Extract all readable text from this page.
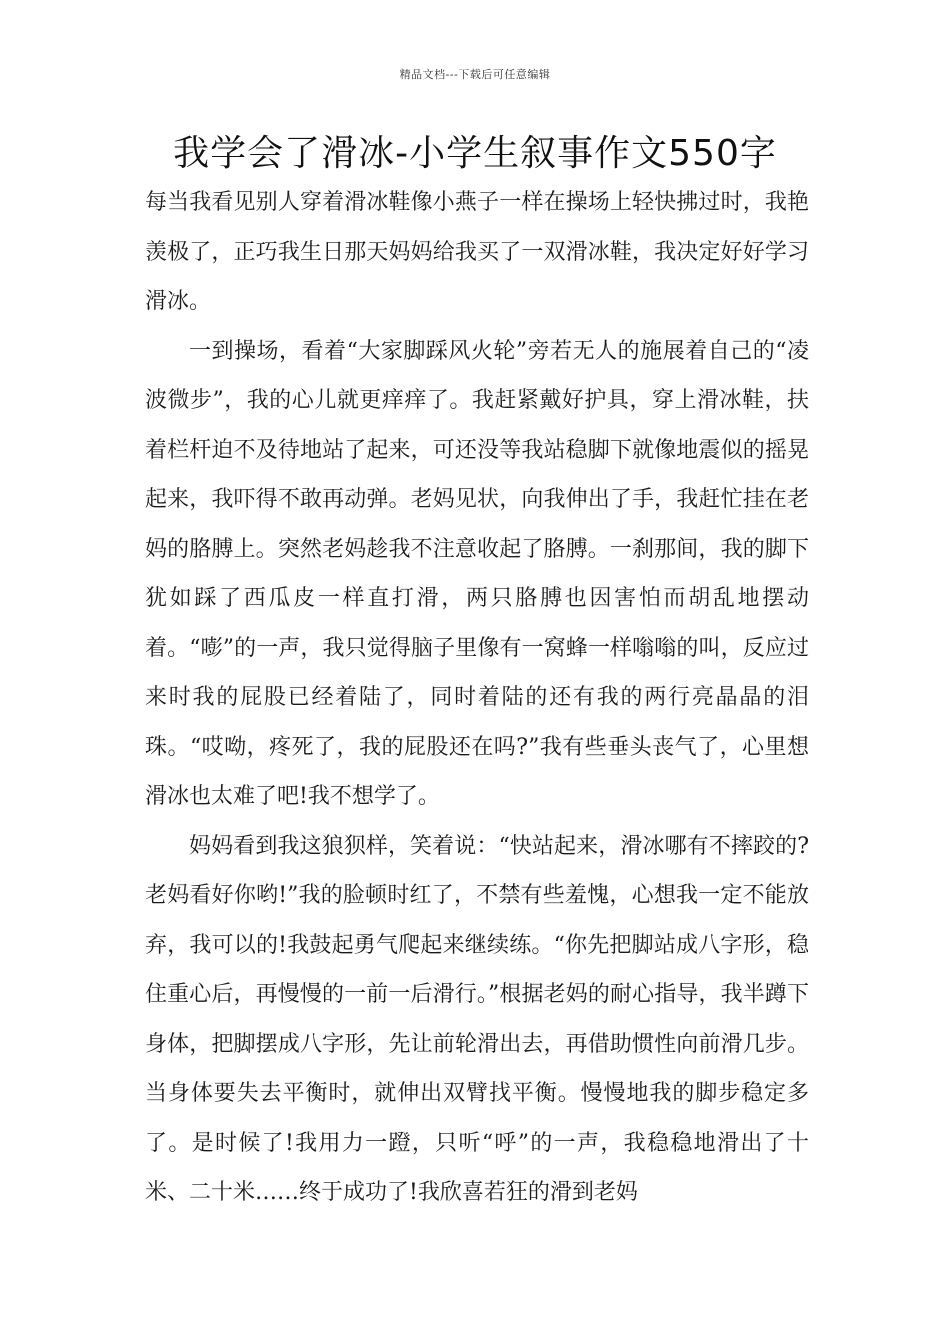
精品文档---下载后可任意编辑
我学会了滑冰-小学生叙事作文550字

每当我看见别人穿着滑冰鞋像小燕子一样在操场上轻快拂过时，我艳羡极了，正巧我生日那天妈妈给我买了一双滑冰鞋，我决定好好学习滑冰。

一到操场，看着“大家脚踩风火轮”旁若无人的施展着自己的“凌波微步”，我的心儿就更痒痒了。我赶紧戴好护具，穿上滑冰鞋，扶着栏杆迫不及待地站了起来，可还没等我站稳脚下就像地震似的摇晃起来，我吓得不敢再动弹。老妈见状，向我伸出了手，我赶忙挂在老妈的胳膊上。突然老妈趁我不注意收起了胳膊。一刹那间，我的脚下犹如踩了西瓜皮一样直打滑，两只胳膊也因害怕而胡乱地摆动着。“嘭”的一声，我只觉得脑子里像有一窝蜂一样嗡嗡的叫，反应过来时我的屁股已经着陆了，同时着陆的还有我的两行亮晶晶的泪珠。“哎呦，疼死了，我的屁股还在吗?”我有些垂头丧气了，心里想滑冰也太难了吧!我不想学了。

妈妈看到我这狼狈样，笑着说：“快站起来，滑冰哪有不摔跤的?老妈看好你哟!”我的脸顿时红了，不禁有些羞愧，心想我一定不能放弃，我可以的!我鼓起勇气爬起来继续练。“你先把脚站成八字形，稳住重心后，再慢慢的一前一后滑行。”根据老妈的耐心指导，我半蹲下身体，把脚摆成八字形，先让前轮滑出去，再借助惯性向前滑几步。当身体要失去平衡时，就伸出双臂找平衡。慢慢地我的脚步稳定多了。是时候了!我用力一蹬，只听“呼”的一声，我稳稳地滑出了十米、二十米……终于成功了!我欣喜若狂的滑到老妈
